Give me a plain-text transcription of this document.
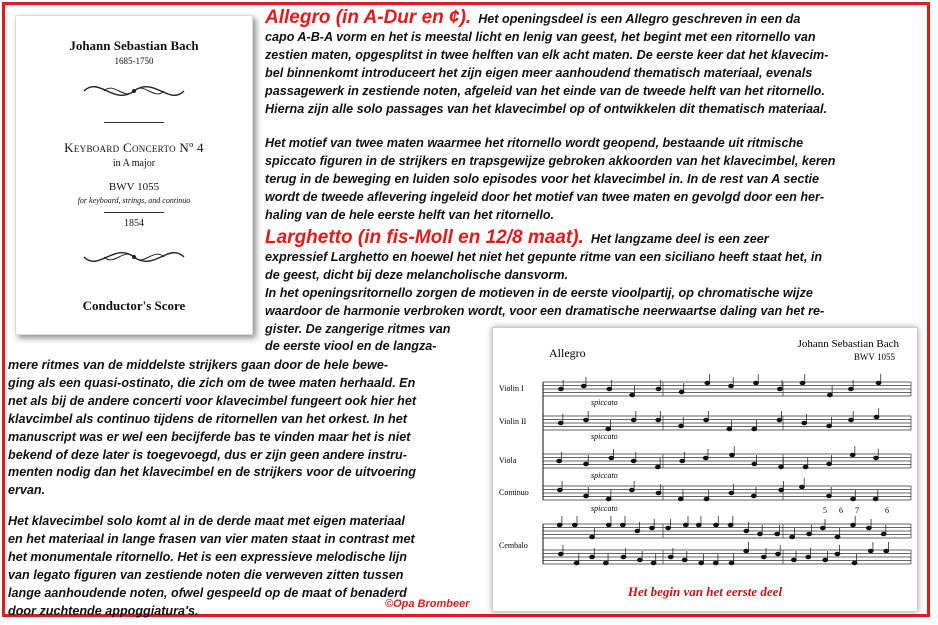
Johann Sebastian Bach
1685-1750
Keyboard Concerto Nº 4
in A major
BWV 1055
for keyboard, strings, and continuo
1854
Conductor's Score

Allegro (in A-Dur en ¢). Het openingsdeel is een Allegro geschreven in een da
capo A-B-A vorm en het is meestal licht en lenig van geest, het begint met een ritornello van
zestien maten, opgesplitst in twee helften van elk acht maten. De eerste keer dat het klavecim-
bel binnenkomt introduceert het zijn eigen meer aanhoudend thematisch materiaal, evenals
passagewerk in zestiende noten, afgeleid van het einde van de tweede helft van het ritornello.
Hierna zijn alle solo passages van het klavecimbel op of ontwikkelen dit thematisch materiaal.

Het motief van twee maten waarmee het ritornello wordt geopend, bestaande uit ritmische
spiccato figuren in de strijkers en trapsgewijze gebroken akkoorden van het klavecimbel, keren
terug in de beweging en luiden solo episodes voor het klavecimbel in. In de rest van A sectie
wordt de tweede aflevering ingeleid door het motief van twee maten en gevolgd door een her-
haling van de hele eerste helft van het ritornello.

Larghetto (in fis-Moll en 12/8 maat). Het langzame deel is een zeer
expressief Larghetto en hoewel het niet het gepunte ritme van een siciliano heeft staat het, in
de geest, dicht bij deze melancholische dansvorm.
In het openingsritornello zorgen de motieven in de eerste vioolpartij, op chromatische wijze
waardoor de harmonie verbroken wordt, voor een dramatische neerwaartse daling van het re-
gister. De zangerige ritmes van
de eerste viool en de langza-

mere ritmes van de middelste strijkers gaan door de hele bewe-
ging als een quasi-ostinato, die zich om de twee maten herhaald. En
net als bij de andere concerti voor klavecimbel fungeert ook hier het
klavcimbel als continuo tijdens de ritornellen van het orkest. In het
manuscript was er wel een becijferde bas te vinden maar het is niet
bekend of deze later is toegevoegd, dus er zijn geen andere instru-
menten nodig dan het klavecimbel en de strijkers voor de uitvoering
ervan.

Het klavecimbel solo komt al in de derde maat met eigen materiaal
en het materiaal in lange frasen van vier maten staat in contrast met
het monumentale ritornello. Het is een expressieve melodische lijn
van legato figuren van zestiende noten die verweven zitten tussen
lange aanhoudende noten, ofwel gespeeld op de maat of benaderd
door zuchtende appoggiatura's.	©Opa Brombeer
Allegro
Johann Sebastian Bach
BWV 1055
Violin I
Violin II
Viola
Continuo
Cembalo
spiccato
spiccato
spiccato
spiccato	5 6 7	6
Het begin van het eerste deel
